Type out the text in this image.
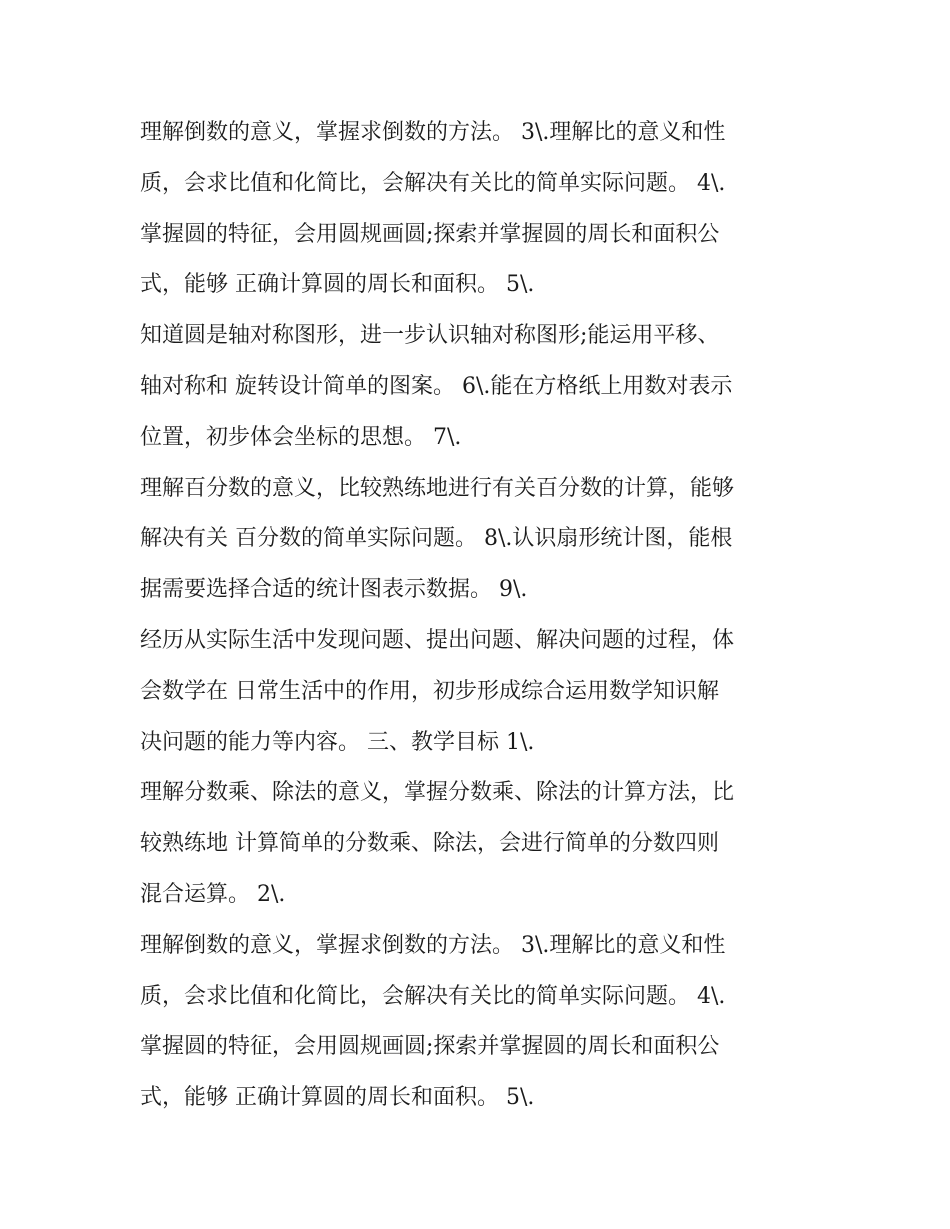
理解倒数的意义，掌握求倒数的方法。 3\.理解比的意义和性
质，会求比值和化简比，会解决有关比的简单实际问题。 4\.
掌握圆的特征，会用圆规画圆;探索并掌握圆的周长和面积公
式，能够 正确计算圆的周长和面积。 5\.
知道圆是轴对称图形，进一步认识轴对称图形;能运用平移、
轴对称和 旋转设计简单的图案。 6\.能在方格纸上用数对表示
位置，初步体会坐标的思想。 7\.
理解百分数的意义，比较熟练地进行有关百分数的计算，能够
解决有关 百分数的简单实际问题。 8\.认识扇形统计图，能根
据需要选择合适的统计图表示数据。 9\.
经历从实际生活中发现问题、提出问题、解决问题的过程，体
会数学在 日常生活中的作用，初步形成综合运用数学知识解
决问题的能力等内容。 三、教学目标 1\.
理解分数乘、除法的意义，掌握分数乘、除法的计算方法，比
较熟练地 计算简单的分数乘、除法，会进行简单的分数四则
混合运算。 2\.
理解倒数的意义，掌握求倒数的方法。 3\.理解比的意义和性
质，会求比值和化简比，会解决有关比的简单实际问题。 4\.
掌握圆的特征，会用圆规画圆;探索并掌握圆的周长和面积公
式，能够 正确计算圆的周长和面积。 5\.
